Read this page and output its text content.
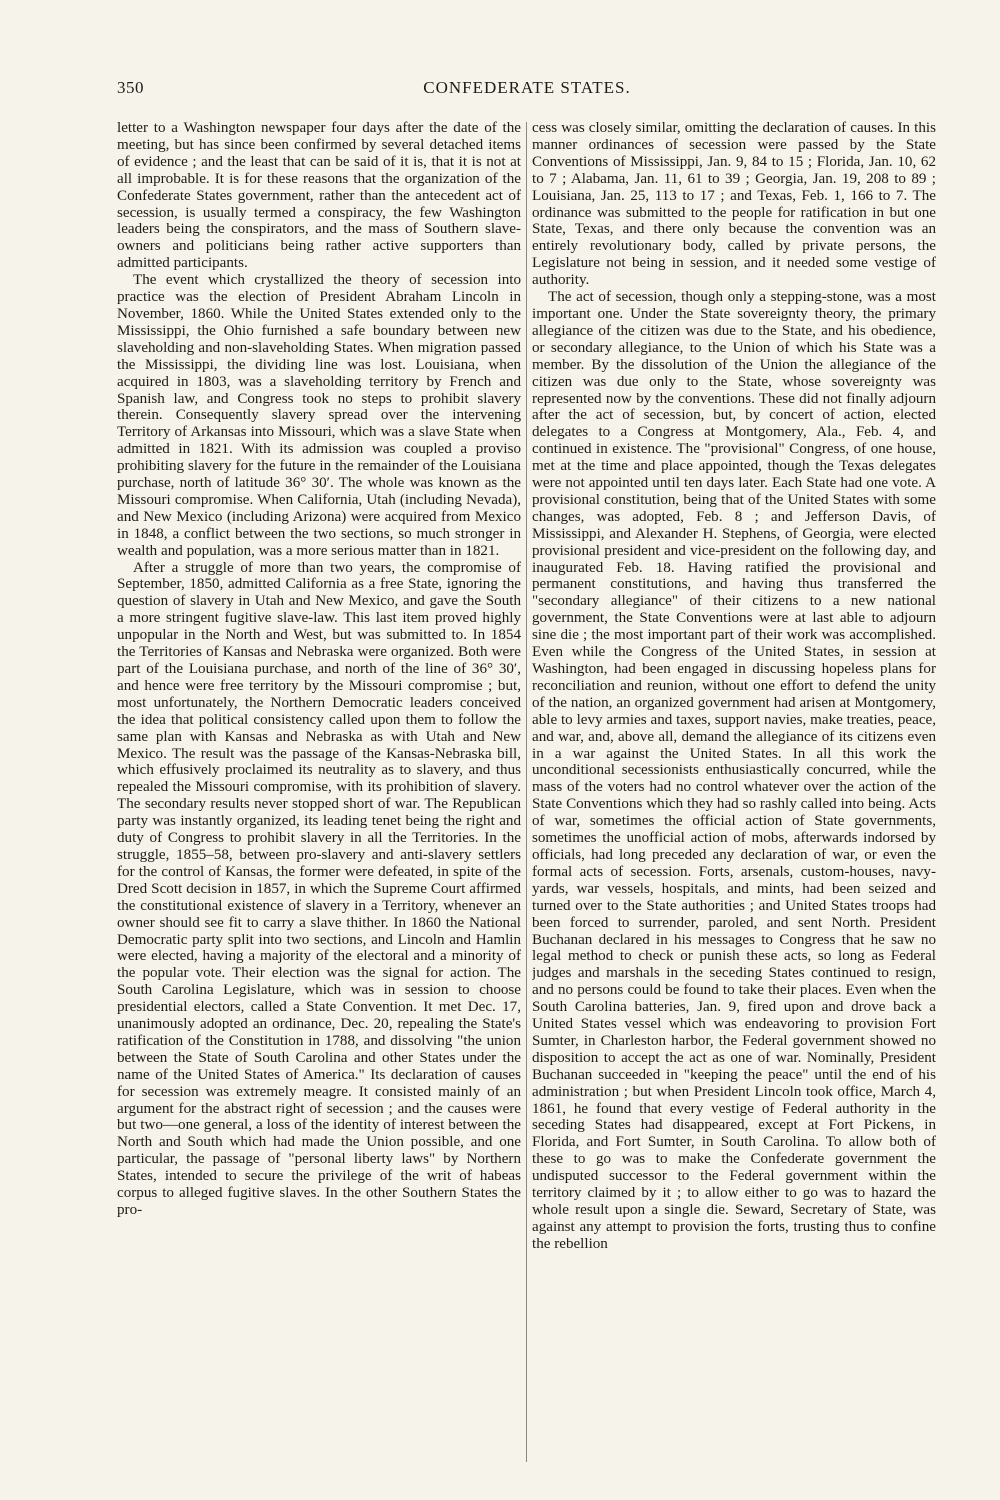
350	CONFEDERATE STATES.

letter to a Washington newspaper four days after the date of the meeting, but has since been confirmed by several detached items of evidence ; and the least that can be said of it is, that it is not at all improbable. It is for these reasons that the organization of the Confederate States government, rather than the antecedent act of secession, is usually termed a conspiracy, the few Washington leaders being the conspirators, and the mass of Southern slave-owners and politicians being rather active supporters than admitted participants.

The event which crystallized the theory of secession into practice was the election of President Abraham Lincoln in November, 1860. While the United States extended only to the Mississippi, the Ohio furnished a safe boundary between new slaveholding and non-slaveholding States. When migration passed the Mississippi, the dividing line was lost. Louisiana, when acquired in 1803, was a slaveholding territory by French and Spanish law, and Congress took no steps to prohibit slavery therein. Consequently slavery spread over the intervening Territory of Arkansas into Missouri, which was a slave State when admitted in 1821. With its admission was coupled a proviso prohibiting slavery for the future in the remainder of the Louisiana purchase, north of latitude 36° 30′. The whole was known as the Missouri compromise. When California, Utah (including Nevada), and New Mexico (including Arizona) were acquired from Mexico in 1848, a conflict between the two sections, so much stronger in wealth and population, was a more serious matter than in 1821.

After a struggle of more than two years, the compromise of September, 1850, admitted California as a free State, ignoring the question of slavery in Utah and New Mexico, and gave the South a more stringent fugitive slave-law. This last item proved highly unpopular in the North and West, but was submitted to. In 1854 the Territories of Kansas and Nebraska were organized. Both were part of the Louisiana purchase, and north of the line of 36° 30′, and hence were free territory by the Missouri compromise ; but, most unfortunately, the Northern Democratic leaders conceived the idea that political consistency called upon them to follow the same plan with Kansas and Nebraska as with Utah and New Mexico. The result was the passage of the Kansas-Nebraska bill, which effusively proclaimed its neutrality as to slavery, and thus repealed the Missouri compromise, with its prohibition of slavery. The secondary results never stopped short of war. The Republican party was instantly organized, its leading tenet being the right and duty of Congress to prohibit slavery in all the Territories. In the struggle, 1855–58, between pro-slavery and anti-slavery settlers for the control of Kansas, the former were defeated, in spite of the Dred Scott decision in 1857, in which the Supreme Court affirmed the constitutional existence of slavery in a Territory, whenever an owner should see fit to carry a slave thither. In 1860 the National Democratic party split into two sections, and Lincoln and Hamlin were elected, having a majority of the electoral and a minority of the popular vote. Their election was the signal for action. The South Carolina Legislature, which was in session to choose presidential electors, called a State Convention. It met Dec. 17, unanimously adopted an ordinance, Dec. 20, repealing the State's ratification of the Constitution in 1788, and dissolving "the union between the State of South Carolina and other States under the name of the United States of America." Its declaration of causes for secession was extremely meagre. It consisted mainly of an argument for the abstract right of secession ; and the causes were but two—one general, a loss of the identity of interest between the North and South which had made the Union possible, and one particular, the passage of "personal liberty laws" by Northern States, intended to secure the privilege of the writ of habeas corpus to alleged fugitive slaves. In the other Southern States the pro-

cess was closely similar, omitting the declaration of causes. In this manner ordinances of secession were passed by the State Conventions of Mississippi, Jan. 9, 84 to 15 ; Florida, Jan. 10, 62 to 7 ; Alabama, Jan. 11, 61 to 39 ; Georgia, Jan. 19, 208 to 89 ; Louisiana, Jan. 25, 113 to 17 ; and Texas, Feb. 1, 166 to 7. The ordinance was submitted to the people for ratification in but one State, Texas, and there only because the convention was an entirely revolutionary body, called by private persons, the Legislature not being in session, and it needed some vestige of authority.

The act of secession, though only a stepping-stone, was a most important one. Under the State sovereignty theory, the primary allegiance of the citizen was due to the State, and his obedience, or secondary allegiance, to the Union of which his State was a member. By the dissolution of the Union the allegiance of the citizen was due only to the State, whose sovereignty was represented now by the conventions. These did not finally adjourn after the act of secession, but, by concert of action, elected delegates to a Congress at Montgomery, Ala., Feb. 4, and continued in existence. The "provisional" Congress, of one house, met at the time and place appointed, though the Texas delegates were not appointed until ten days later. Each State had one vote. A provisional constitution, being that of the United States with some changes, was adopted, Feb. 8 ; and Jefferson Davis, of Mississippi, and Alexander H. Stephens, of Georgia, were elected provisional president and vice-president on the following day, and inaugurated Feb. 18. Having ratified the provisional and permanent constitutions, and having thus transferred the "secondary allegiance" of their citizens to a new national government, the State Conventions were at last able to adjourn sine die ; the most important part of their work was accomplished. Even while the Congress of the United States, in session at Washington, had been engaged in discussing hopeless plans for reconciliation and reunion, without one effort to defend the unity of the nation, an organized government had arisen at Montgomery, able to levy armies and taxes, support navies, make treaties, peace, and war, and, above all, demand the allegiance of its citizens even in a war against the United States. In all this work the unconditional secessionists enthusiastically concurred, while the mass of the voters had no control whatever over the action of the State Conventions which they had so rashly called into being. Acts of war, sometimes the official action of State governments, sometimes the unofficial action of mobs, afterwards indorsed by officials, had long preceded any declaration of war, or even the formal acts of secession. Forts, arsenals, custom-houses, navy-yards, war vessels, hospitals, and mints, had been seized and turned over to the State authorities ; and United States troops had been forced to surrender, paroled, and sent North. President Buchanan declared in his messages to Congress that he saw no legal method to check or punish these acts, so long as Federal judges and marshals in the seceding States continued to resign, and no persons could be found to take their places. Even when the South Carolina batteries, Jan. 9, fired upon and drove back a United States vessel which was endeavoring to provision Fort Sumter, in Charleston harbor, the Federal government showed no disposition to accept the act as one of war. Nominally, President Buchanan succeeded in "keeping the peace" until the end of his administration ; but when President Lincoln took office, March 4, 1861, he found that every vestige of Federal authority in the seceding States had disappeared, except at Fort Pickens, in Florida, and Fort Sumter, in South Carolina. To allow both of these to go was to make the Confederate government the undisputed successor to the Federal government within the territory claimed by it ; to allow either to go was to hazard the whole result upon a single die. Seward, Secretary of State, was against any attempt to provision the forts, trusting thus to confine the rebellion
